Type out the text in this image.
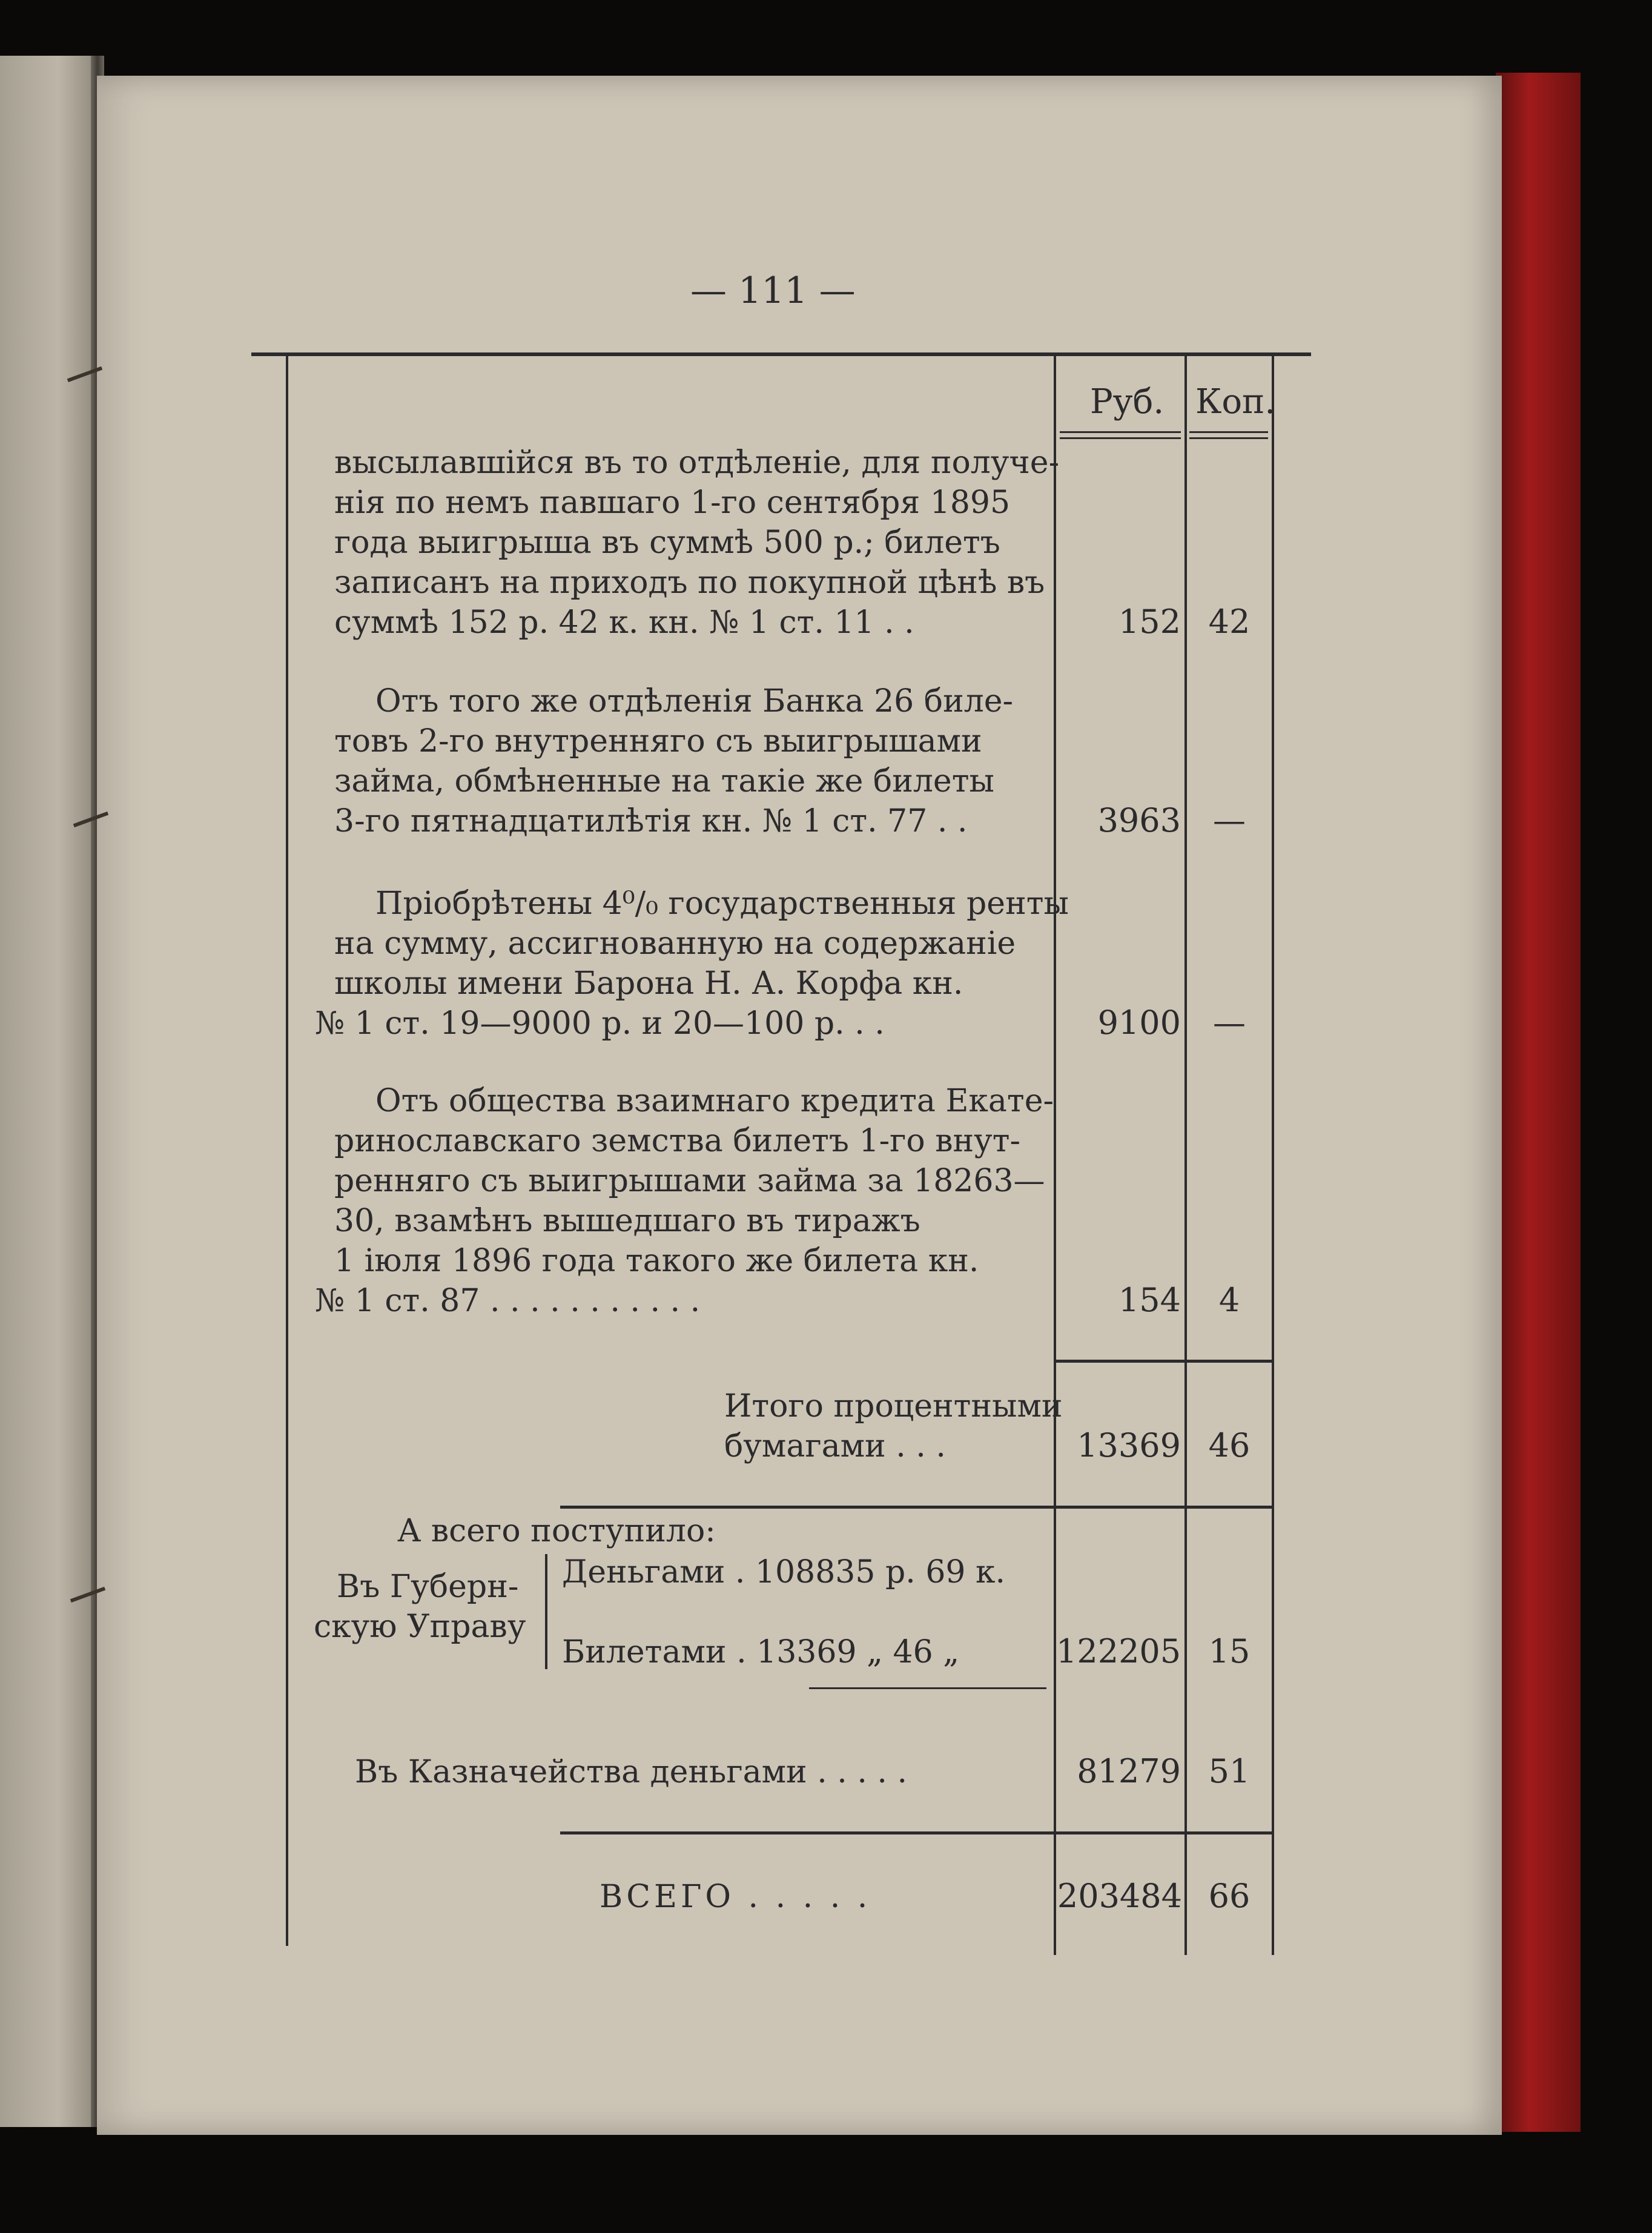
— 111 —
Руб. Коп.
высылавшійся въ то отдѣленіе, для получе-
нія по немъ павшаго 1-го сентября 1895
года выигрыша въ суммѣ 500 р.; билетъ
записанъ на приходъ по покупной цѣнѣ въ
суммѣ 152 р. 42 к. кн. № 1 ст. 11 . .	152 42
Отъ того же отдѣленія Банка 26 биле-
товъ 2-го внутренняго съ выигрышами
займа, обмѣненные на такіе же билеты
3-го пятнадцатилѣтія кн. № 1 ст. 77 . .	3963 —
Пріобрѣтены 4⁰/₀ государственныя ренты
на сумму, ассигнованную на содержаніе
школы имени Барона Н. А. Корфа кн.
№ 1 ст. 19—9000 р. и 20—100 р. . .	9100 —
Отъ общества взаимнаго кредита Екате-
ринославскаго земства билетъ 1-го внут-
ренняго съ выигрышами займа за 18263—
30, взамѣнъ вышедшаго въ тиражъ
1 іюля 1896 года такого же билета кн.
№ 1 ст. 87 . . . . . . . . . . .	154	4
Итого процентными
бумагами . . .	13369 46
А всего поступило:
Въ Губерн-
скую Управу
Деньгами . 108835 р. 69 к.
Билетами . 13369 „ 46 „	122205 15
Въ Казначейства деньгами . . . . .	81279 51
ВСЕГО . . . . .	203484 66
